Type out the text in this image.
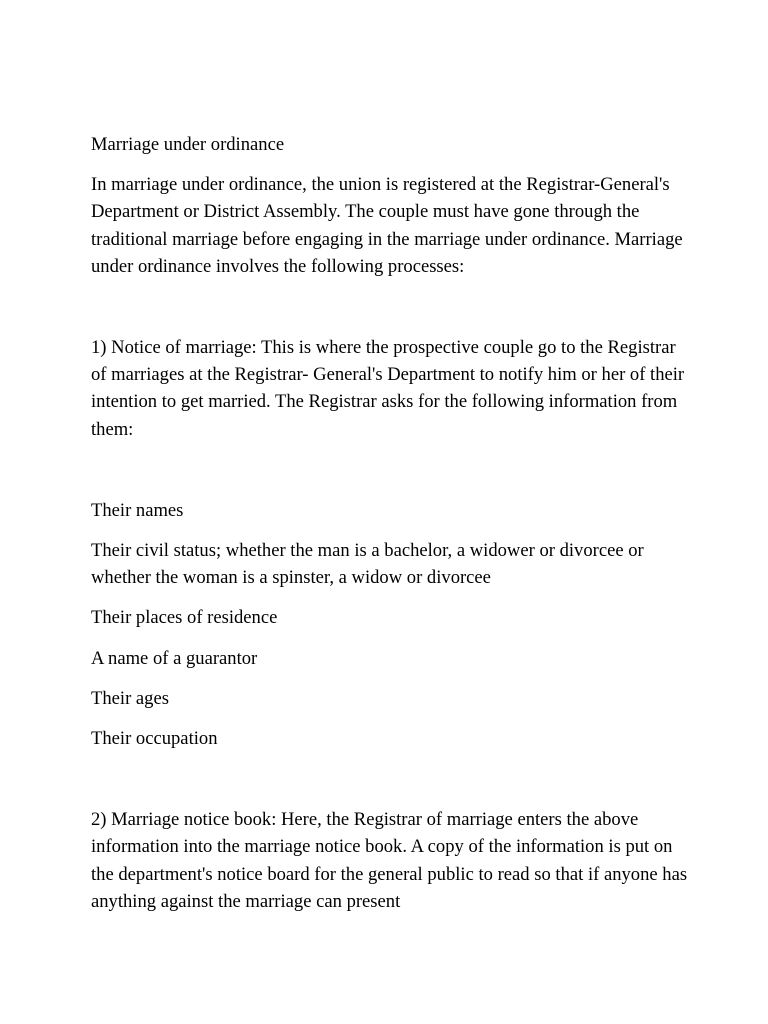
Marriage under ordinance

In marriage under ordinance, the union is registered at the Registrar-General's Department or District Assembly. The couple must have gone through the traditional marriage before engaging in the marriage under ordinance. Marriage under ordinance involves the following processes:

1) Notice of marriage: This is where the prospective couple go to the Registrar of marriages at the Registrar- General's Department to notify him or her of their intention to get married. The Registrar asks for the following information from them:

Their names

Their civil status; whether the man is a bachelor, a widower or divorcee or whether the woman is a spinster, a widow or divorcee

Their places of residence

A name of a guarantor

Their ages

Their occupation

2) Marriage notice book: Here, the Registrar of marriage enters the above information into the marriage notice book. A copy of the information is put on the department's notice board for the general public to read so that if anyone has anything against the marriage can present
